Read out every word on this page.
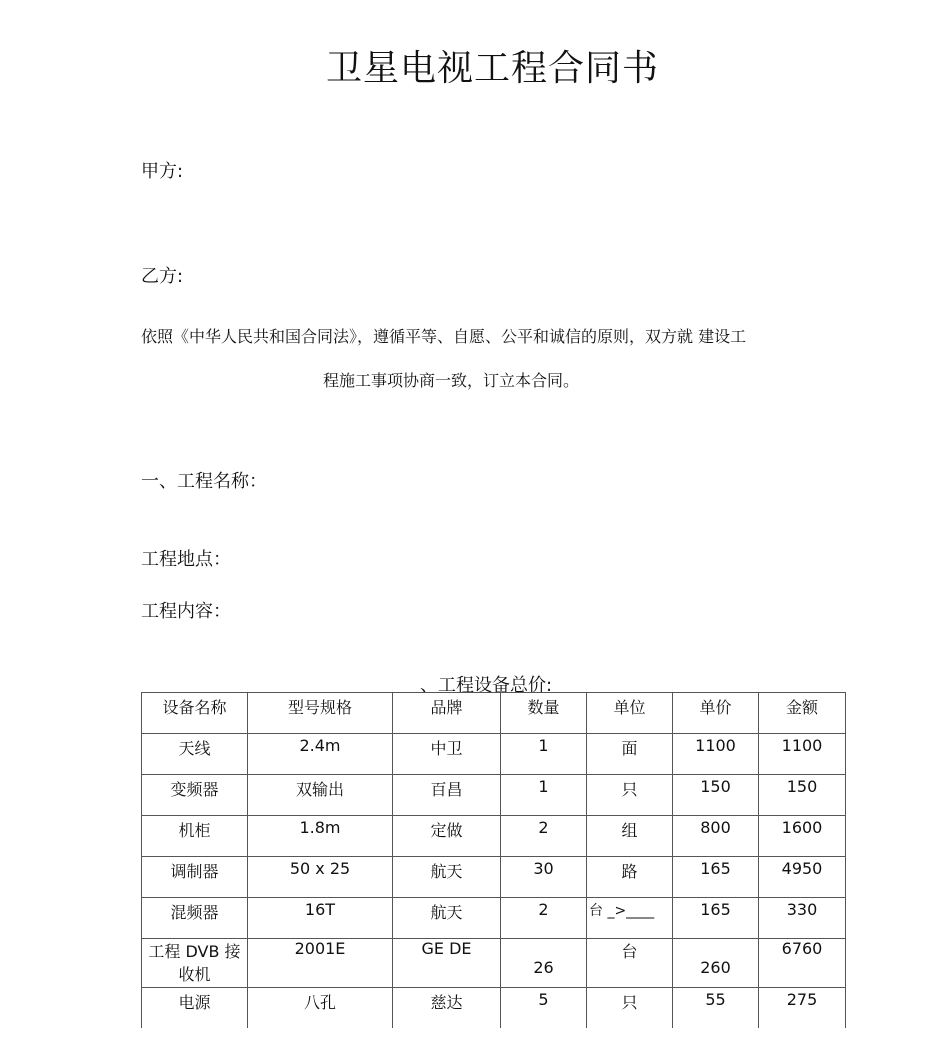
卫星电视工程合同书
甲方:
乙方:
依照《中华人民共和国合同法》，遵循平等、自愿、公平和诚信的原则，双方就 建设工
程施工事项协商一致，订立本合同。
一、工程名称：
工程地点：
工程内容：
、工程设备总价:
设备名称	型号规格	品牌	数量	单位	单价	金额
天线	2.4m	中卫	1	面	1100	1100
变频器	双输出	百昌	1	只	150	150
机柜	1.8m	定做	2	组	800	1600
调制器	50 x 25	航天	30	路	165	4950
混频器	16T	航天	2	台 _>____	165	330
工程 DVB 接收机	2001E	GE DE	26	台	260	6760
电源	八孔	慈达	5	只	55	275
